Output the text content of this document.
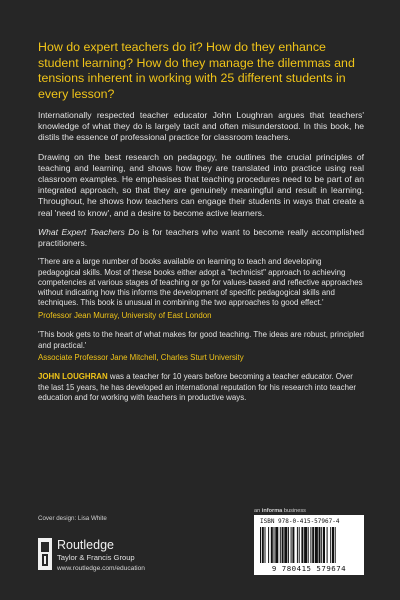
How do expert teachers do it? How do they enhance student learning? How do they manage the dilemmas and tensions inherent in working with 25 different students in every lesson?

Internationally respected teacher educator John Loughran argues that teachers' knowledge of what they do is largely tacit and often misunderstood. In this book, he distils the essence of professional practice for classroom teachers.

Drawing on the best research on pedagogy, he outlines the crucial principles of teaching and learning, and shows how they are translated into practice using real classroom examples. He emphasises that teaching procedures need to be part of an integrated approach, so that they are genuinely meaningful and result in learning. Throughout, he shows how teachers can engage their students in ways that create a real 'need to know', and a desire to become active learners.

What Expert Teachers Do is for teachers who want to become really accomplished practitioners.

'There are a large number of books available on learning to teach and developing pedagogical skills. Most of these books either adopt a "technicist" approach to achieving competencies at various stages of teaching or go for values-based and reflective approaches without indicating how this informs the development of specific pedagogical skills and techniques. This book is unusual in combining the two approaches to good effect.'

Professor Jean Murray, University of East London

'This book gets to the heart of what makes for good teaching. The ideas are robust, principled and practical.'

Associate Professor Jane Mitchell, Charles Sturt University

JOHN LOUGHRAN was a teacher for 10 years before becoming a teacher educator. Over the last 15 years, he has developed an international reputation for his research into teacher education and for working with teachers in productive ways.

Cover design: Lisa White
an informa business
ISBN 978-0-415-57967-4
9 780415 579674
Routledge
Taylor & Francis Group
www.routledge.com/education
